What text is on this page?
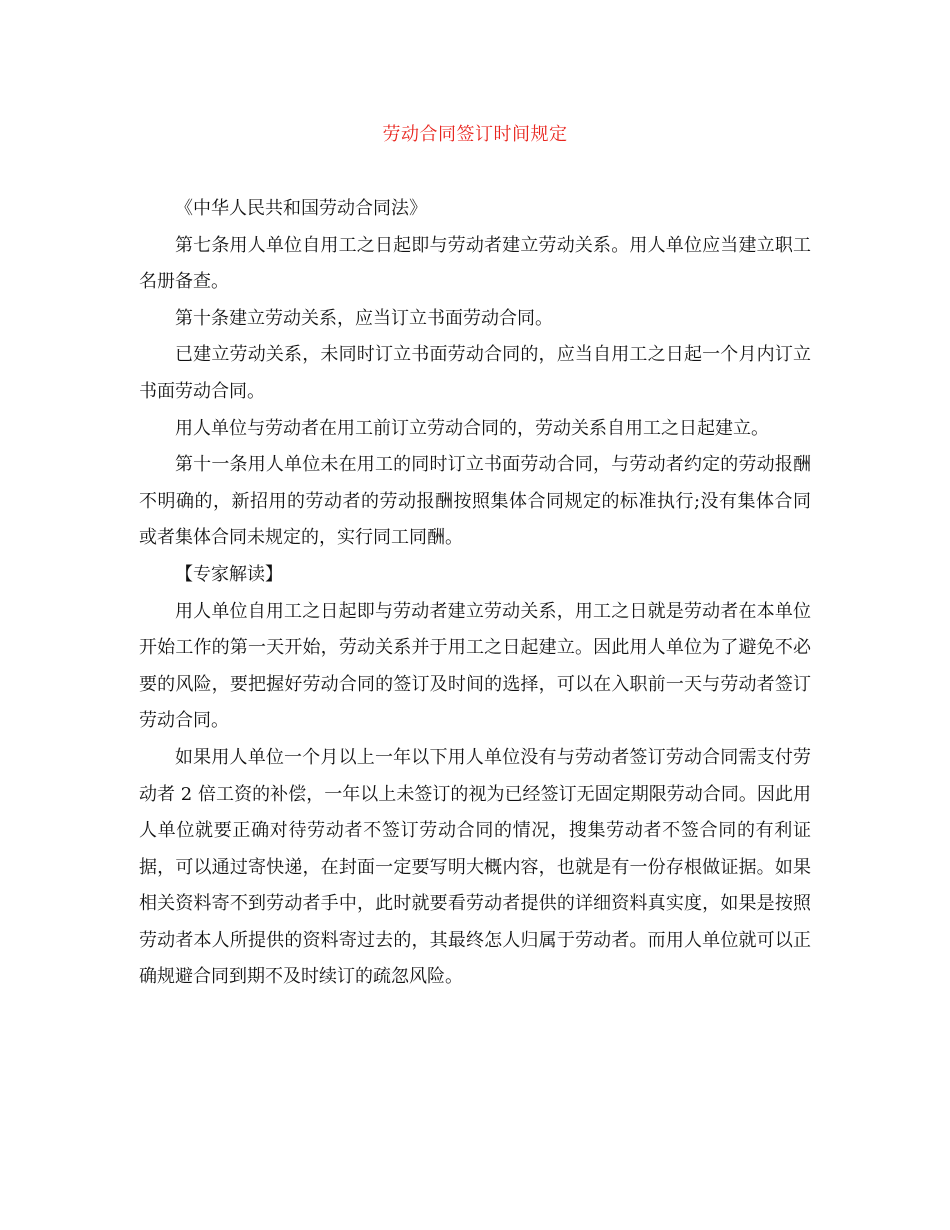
劳动合同签订时间规定

《中华人民共和国劳动合同法》

第七条用人单位自用工之日起即与劳动者建立劳动关系。用人单位应当建立职工名册备查。

第十条建立劳动关系，应当订立书面劳动合同。

已建立劳动关系，未同时订立书面劳动合同的，应当自用工之日起一个月内订立书面劳动合同。

用人单位与劳动者在用工前订立劳动合同的，劳动关系自用工之日起建立。

第十一条用人单位未在用工的同时订立书面劳动合同，与劳动者约定的劳动报酬不明确的，新招用的劳动者的劳动报酬按照集体合同规定的标准执行;没有集体合同或者集体合同未规定的，实行同工同酬。

【专家解读】

用人单位自用工之日起即与劳动者建立劳动关系，用工之日就是劳动者在本单位开始工作的第一天开始，劳动关系并于用工之日起建立。因此用人单位为了避免不必要的风险，要把握好劳动合同的签订及时间的选择，可以在入职前一天与劳动者签订劳动合同。

如果用人单位一个月以上一年以下用人单位没有与劳动者签订劳动合同需支付劳动者 2 倍工资的补偿，一年以上未签订的视为已经签订无固定期限劳动合同。因此用人单位就要正确对待劳动者不签订劳动合同的情况，搜集劳动者不签合同的有利证据，可以通过寄快递，在封面一定要写明大概内容，也就是有一份存根做证据。如果相关资料寄不到劳动者手中，此时就要看劳动者提供的详细资料真实度，如果是按照劳动者本人所提供的资料寄过去的，其最终怎人归属于劳动者。而用人单位就可以正确规避合同到期不及时续订的疏忽风险。
